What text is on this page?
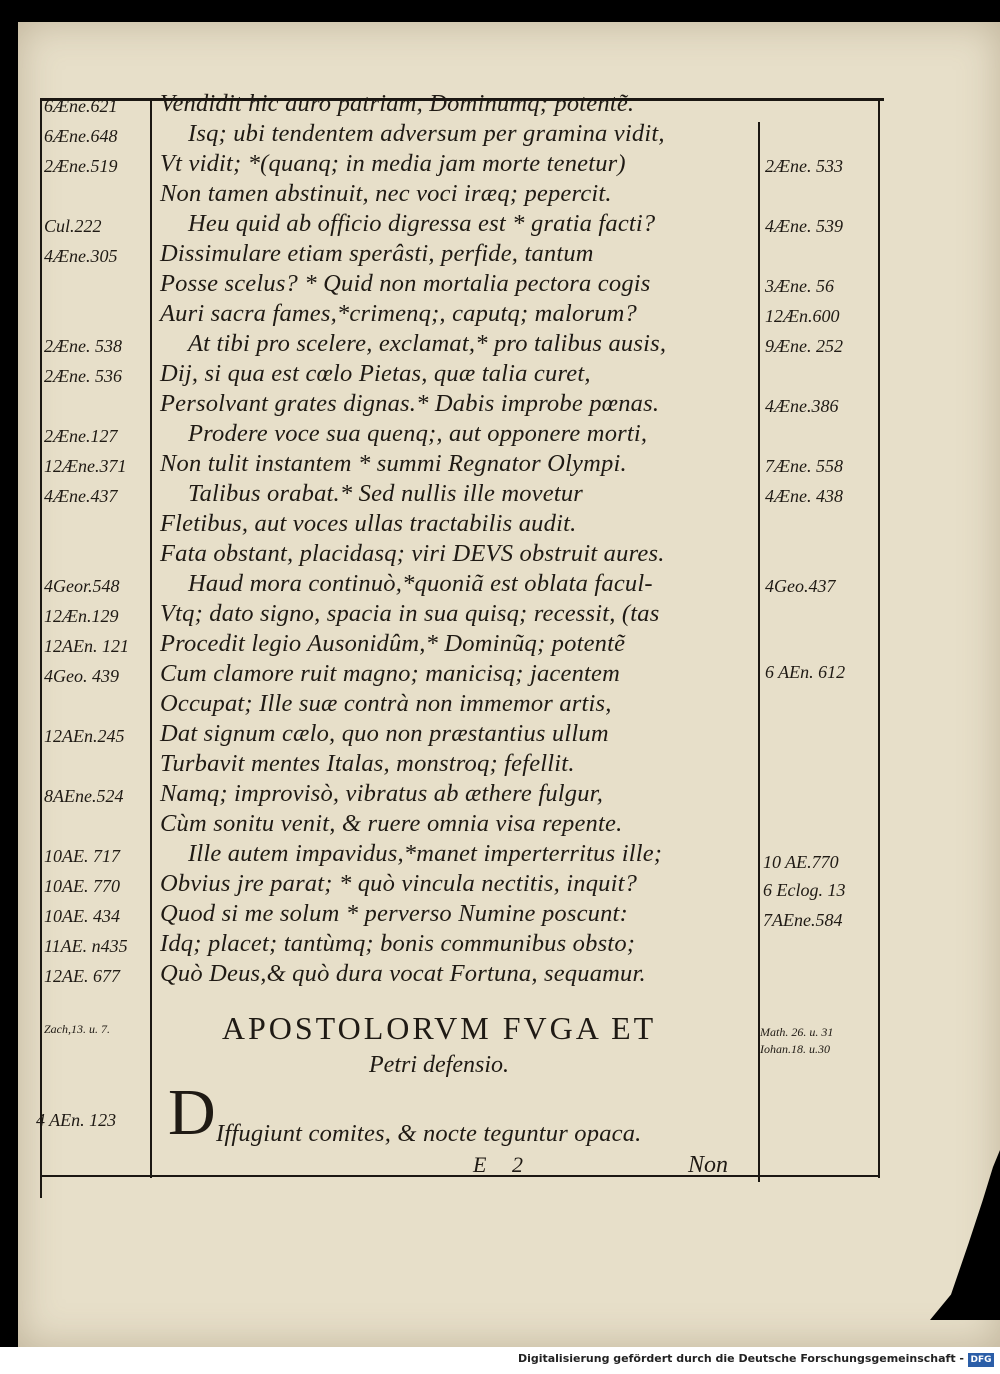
Vendidit hic auro patriam, Dominumq; potentẽ.
Isq; ubi tendentem adversum per gramina vidit,
Vt vidit; *(quanq; in media jam morte tenetur)
Non tamen abstinuit, nec voci iræq; pepercit.
Heu quid ab officio digressa est * gratia facti?
Dissimulare etiam sperâsti, perfide, tantum
Posse scelus? * Quid non mortalia pectora cogis
Auri sacra fames,*crimenq;, caputq; malorum?
At tibi pro scelere, exclamat,* pro talibus ausis,
Dij, si qua est cœlo Pietas, quæ talia curet,
Persolvant grates dignas.* Dabis improbe pœnas.
Prodere voce sua quenq;, aut opponere morti,
Non tulit instantem * summi Regnator Olympi.
Talibus orabat.* Sed nullis ille movetur
Fletibus, aut voces ullas tractabilis audit.
Fata obstant, placidasq; viri DEVS obstruit aures.
Haud mora continuò,*quoniã est oblata facul-
Vtq; dato signo, spacia in sua quisq; recessit, (tas
Procedit legio Ausonidûm,* Dominũq; potentẽ
Cum clamore ruit magno; manicisq; jacentem
Occupat; Ille suæ contrà non immemor artis,
Dat signum cælo, quo non præstantius ullum
Turbavit mentes Italas, monstroq; fefellit.
Namq; improvisò, vibratus ab æthere fulgur,
Cùm sonitu venit, & ruere omnia visa repente.
Ille autem impavidus,*manet imperterritus ille;
Obvius jre parat; * quò vincula nectitis, inquit?
Quod si me solum * perverso Numine poscunt:
Idq; placet; tantùmq; bonis communibus obsto;
Quò Deus,& quò dura vocat Fortuna, sequamur.
6Æne.621
6Æne.648
2Æne.519
Cul.222
4Æne.305
2Æne. 538
2Æne. 536
2Æne.127
12Æne.371
4Æne.437
4Geor.548
12Æn.129
12AEn. 121
4Geo. 439
12AEn.245
8AEne.524
10AE. 717
10AE. 770
10AE. 434
11AE. n435
12AE. 677
Zach,13. u. 7.
4 AEn. 123
2Æne. 533
4Æne. 539
3Æne. 56
12Æn.600
9Æne. 252
4Æne.386
7Æne. 558
4Æne. 438
4Geo.437
6 AEn. 612
10 AE.770
6 Eclog. 13
7AEne.584
Math. 26. u. 31
Iohan.18. u.30
APOSTOLORVM FVGA ET
Petri defensio.
D Iffugiunt comites, & nocte teguntur opaca.
E 2	Non
Digitalisierung gefördert durch die Deutsche Forschungsgemeinschaft - DFG
